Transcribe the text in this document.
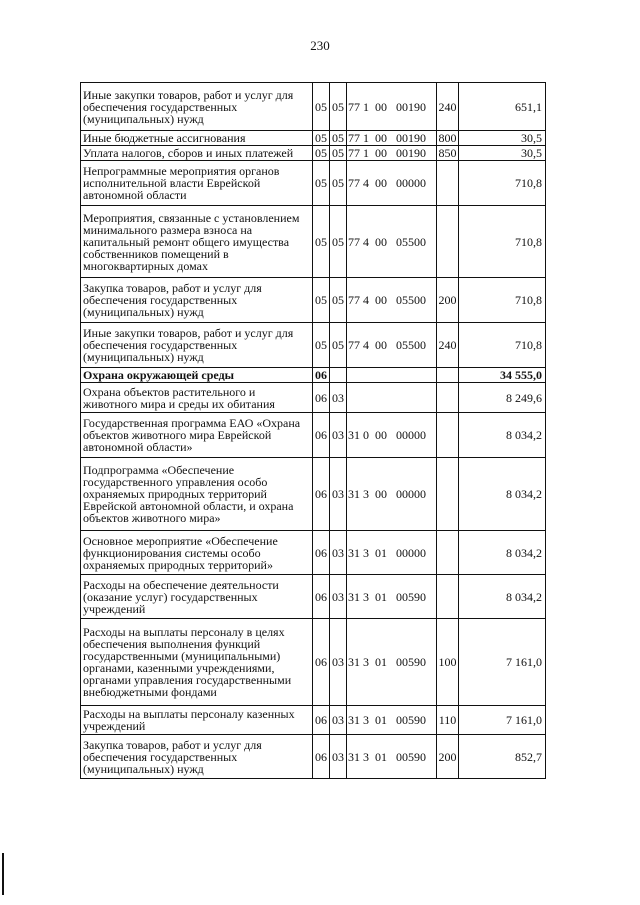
230
Иные закупки товаров, работ и услуг для обеспечения государственных (муниципальных) нужд	05	05	77 1  00   00190	240	651,1
Иные бюджетные ассигнования	05	05	77 1  00   00190	800	30,5
Уплата налогов, сборов и иных платежей	05	05	77 1  00   00190	850	30,5
Непрограммные мероприятия органов исполнительной власти Еврейской автономной области	05	05	77 4  00   00000		710,8
Мероприятия, связанные с установлением минимального размера взноса на капитальный ремонт общего имущества собственников помещений в многоквартирных домах	05	05	77 4  00   05500		710,8
Закупка товаров, работ и услуг для обеспечения государственных (муниципальных) нужд	05	05	77 4  00   05500	200	710,8
Иные закупки товаров, работ и услуг для обеспечения государственных (муниципальных) нужд	05	05	77 4  00   05500	240	710,8
Охрана окружающей среды	06				34 555,0
Охрана объектов растительного и животного мира и среды их обитания	06	03			8 249,6
Государственная программа ЕАО «Охрана объектов животного мира Еврейской автономной области»	06	03	31 0  00   00000		8 034,2
Подпрограмма «Обеспечение государственного управления особо охраняемых природных территорий Еврейской автономной области, и охрана объектов животного мира»	06	03	31 3  00   00000		8 034,2
Основное мероприятие «Обеспечение функционирования системы особо охраняемых природных территорий»	06	03	31 3  01   00000		8 034,2
Расходы на обеспечение деятельности (оказание услуг) государственных учреждений	06	03	31 3  01   00590		8 034,2
Расходы на выплаты персоналу в целях обеспечения выполнения функций государственными (муниципальными) органами, казенными учреждениями, органами управления государственными внебюджетными фондами	06	03	31 3  01   00590	100	7 161,0
Расходы на выплаты персоналу казенных учреждений	06	03	31 3  01   00590	110	7 161,0
Закупка товаров, работ и услуг для обеспечения государственных (муниципальных) нужд	06	03	31 3  01   00590	200	852,7
